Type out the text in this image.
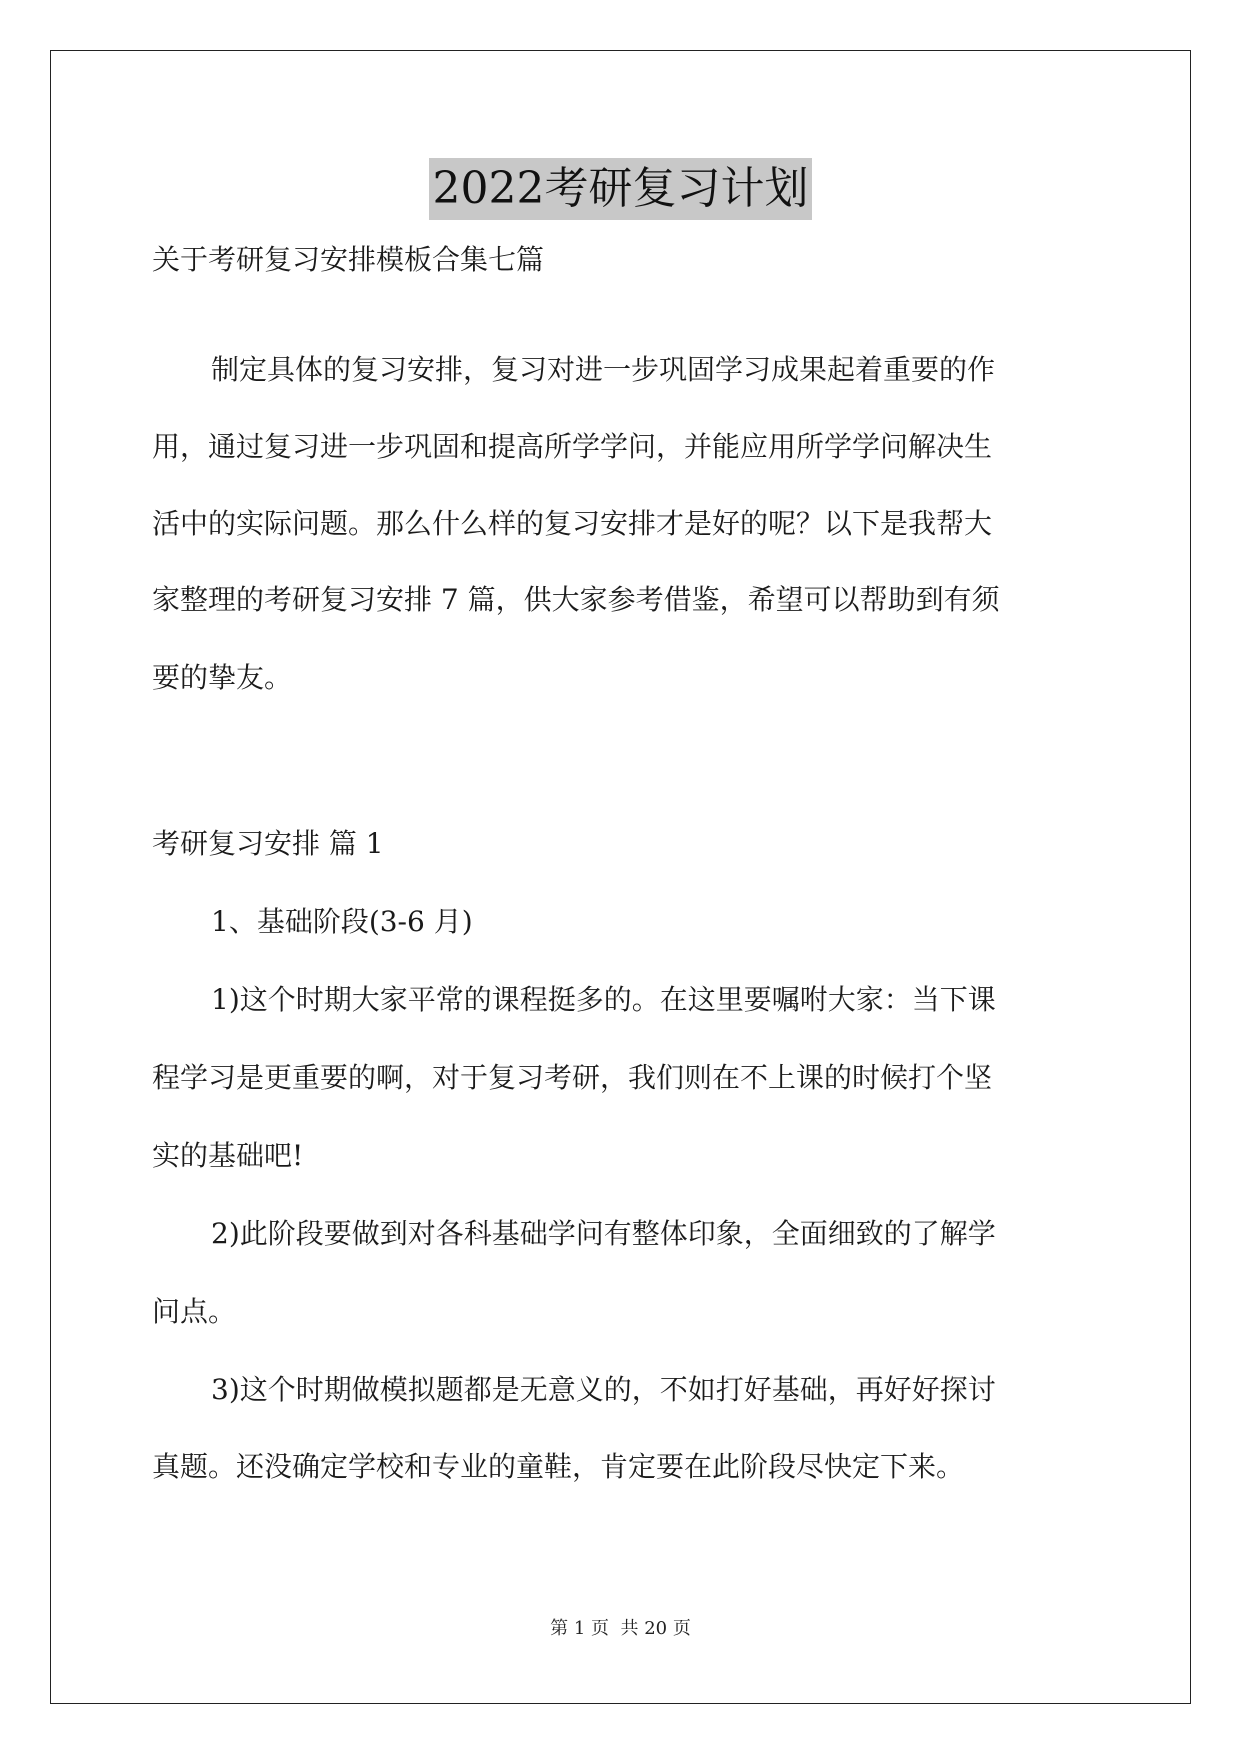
2022考研复习计划
关于考研复习安排模板合集七篇
制定具体的复习安排，复习对进一步巩固学习成果起着重要的作
用，通过复习进一步巩固和提高所学学问，并能应用所学学问解决生
活中的实际问题。那么什么样的复习安排才是好的呢？以下是我帮大
家整理的考研复习安排 7 篇，供大家参考借鉴，希望可以帮助到有须
要的挚友。
考研复习安排 篇 1
1、基础阶段(3-6 月)
1)这个时期大家平常的课程挺多的。在这里要嘱咐大家：当下课
程学习是更重要的啊，对于复习考研，我们则在不上课的时候打个坚
实的基础吧!
2)此阶段要做到对各科基础学问有整体印象，全面细致的了解学
问点。
3)这个时期做模拟题都是无意义的，不如打好基础，再好好探讨
真题。还没确定学校和专业的童鞋，肯定要在此阶段尽快定下来。
第 1 页  共 20 页
